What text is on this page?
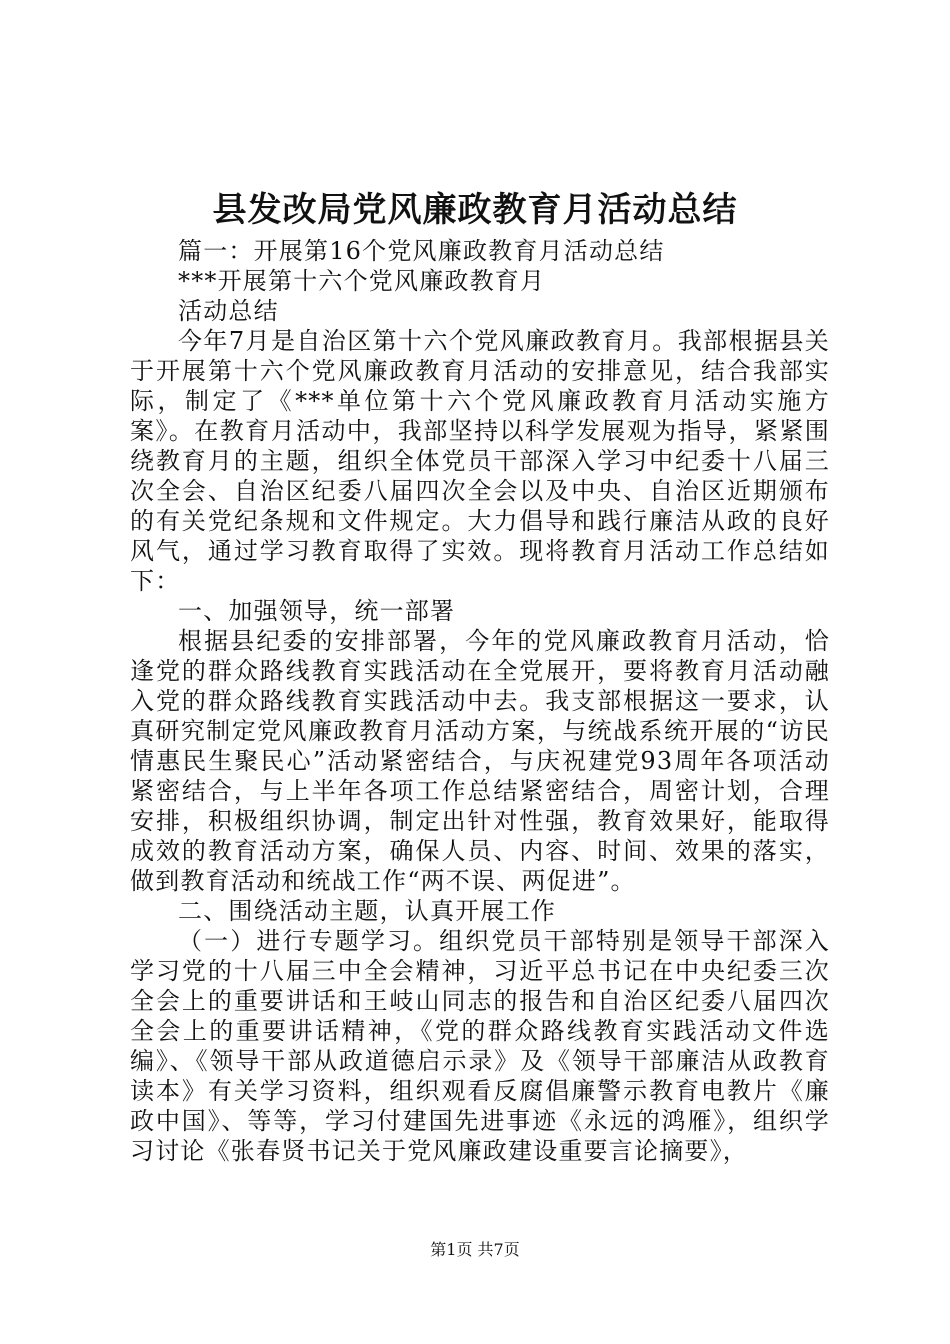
县发改局党风廉政教育月活动总结

篇一：开展第16个党风廉政教育月活动总结

***开展第十六个党风廉政教育月

活动总结

今年7月是自治区第十六个党风廉政教育月。我部根据县关于开展第十六个党风廉政教育月活动的安排意见，结合我部实际，制定了《***单位第十六个党风廉政教育月活动实施方案》。在教育月活动中，我部坚持以科学发展观为指导，紧紧围绕教育月的主题，组织全体党员干部深入学习中纪委十八届三次全会、自治区纪委八届四次全会以及中央、自治区近期颁布的有关党纪条规和文件规定。大力倡导和践行廉洁从政的良好风气，通过学习教育取得了实效。现将教育月活动工作总结如下：

一、加强领导，统一部署

根据县纪委的安排部署，今年的党风廉政教育月活动，恰逢党的群众路线教育实践活动在全党展开，要将教育月活动融入党的群众路线教育实践活动中去。我支部根据这一要求，认真研究制定党风廉政教育月活动方案，与统战系统开展的“访民情惠民生聚民心”活动紧密结合，与庆祝建党93周年各项活动紧密结合，与上半年各项工作总结紧密结合，周密计划，合理安排，积极组织协调，制定出针对性强，教育效果好，能取得成效的教育活动方案，确保人员、内容、时间、效果的落实，做到教育活动和统战工作“两不误、两促进”。

二、围绕活动主题，认真开展工作

（一）进行专题学习。组织党员干部特别是领导干部深入学习党的十八届三中全会精神，习近平总书记在中央纪委三次全会上的重要讲话和王岐山同志的报告和自治区纪委八届四次全会上的重要讲话精神，《党的群众路线教育实践活动文件选编》、《领导干部从政道德启示录》及《领导干部廉洁从政教育读本》有关学习资料，组织观看反腐倡廉警示教育电教片《廉政中国》、等等，学习付建国先进事迹《永远的鸿雁》，组织学习讨论《张春贤书记关于党风廉政建设重要言论摘要》，

第1页 共7页
